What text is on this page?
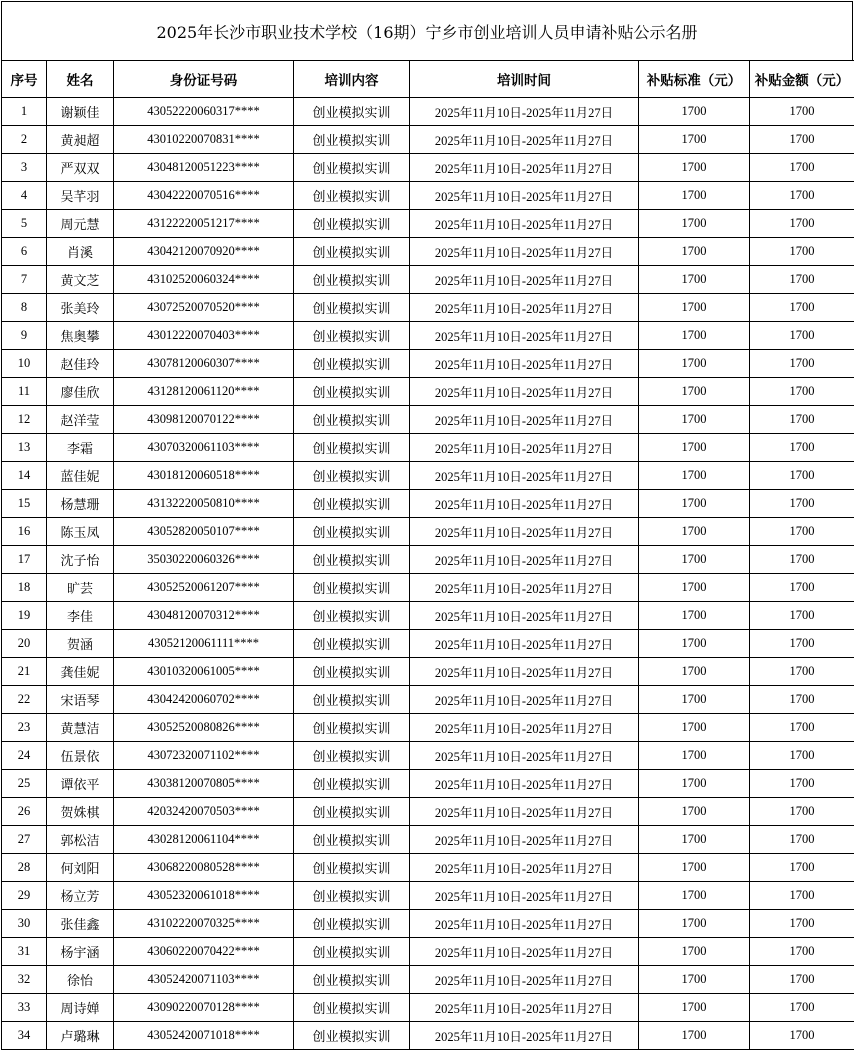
2025年长沙市职业技术学校（16期）宁乡市创业培训人员申请补贴公示名册
序号	姓名	身份证号码	培训内容	培训时间	补贴标准（元）	补贴金额（元）
1	谢颖佳	43052220060317****	创业模拟实训	2025年11月10日-2025年11月27日	1700	1700
2	黄昶超	43010220070831****	创业模拟实训	2025年11月10日-2025年11月27日	1700	1700
3	严双双	43048120051223****	创业模拟实训	2025年11月10日-2025年11月27日	1700	1700
4	吴芊羽	43042220070516****	创业模拟实训	2025年11月10日-2025年11月27日	1700	1700
5	周元慧	43122220051217****	创业模拟实训	2025年11月10日-2025年11月27日	1700	1700
6	肖溪	43042120070920****	创业模拟实训	2025年11月10日-2025年11月27日	1700	1700
7	黄文芝	43102520060324****	创业模拟实训	2025年11月10日-2025年11月27日	1700	1700
8	张美玲	43072520070520****	创业模拟实训	2025年11月10日-2025年11月27日	1700	1700
9	焦奥攀	43012220070403****	创业模拟实训	2025年11月10日-2025年11月27日	1700	1700
10	赵佳玲	43078120060307****	创业模拟实训	2025年11月10日-2025年11月27日	1700	1700
11	廖佳欣	43128120061120****	创业模拟实训	2025年11月10日-2025年11月27日	1700	1700
12	赵洋莹	43098120070122****	创业模拟实训	2025年11月10日-2025年11月27日	1700	1700
13	李霜	43070320061103****	创业模拟实训	2025年11月10日-2025年11月27日	1700	1700
14	蓝佳妮	43018120060518****	创业模拟实训	2025年11月10日-2025年11月27日	1700	1700
15	杨慧珊	43132220050810****	创业模拟实训	2025年11月10日-2025年11月27日	1700	1700
16	陈玉凤	43052820050107****	创业模拟实训	2025年11月10日-2025年11月27日	1700	1700
17	沈子怡	35030220060326****	创业模拟实训	2025年11月10日-2025年11月27日	1700	1700
18	旷芸	43052520061207****	创业模拟实训	2025年11月10日-2025年11月27日	1700	1700
19	李佳	43048120070312****	创业模拟实训	2025年11月10日-2025年11月27日	1700	1700
20	贺涵	43052120061111****	创业模拟实训	2025年11月10日-2025年11月27日	1700	1700
21	龚佳妮	43010320061005****	创业模拟实训	2025年11月10日-2025年11月27日	1700	1700
22	宋语琴	43042420060702****	创业模拟实训	2025年11月10日-2025年11月27日	1700	1700
23	黄慧洁	43052520080826****	创业模拟实训	2025年11月10日-2025年11月27日	1700	1700
24	伍景依	43072320071102****	创业模拟实训	2025年11月10日-2025年11月27日	1700	1700
25	谭依平	43038120070805****	创业模拟实训	2025年11月10日-2025年11月27日	1700	1700
26	贺姝棋	42032420070503****	创业模拟实训	2025年11月10日-2025年11月27日	1700	1700
27	郭松洁	43028120061104****	创业模拟实训	2025年11月10日-2025年11月27日	1700	1700
28	何刘阳	43068220080528****	创业模拟实训	2025年11月10日-2025年11月27日	1700	1700
29	杨立芳	43052320061018****	创业模拟实训	2025年11月10日-2025年11月27日	1700	1700
30	张佳鑫	43102220070325****	创业模拟实训	2025年11月10日-2025年11月27日	1700	1700
31	杨宇涵	43060220070422****	创业模拟实训	2025年11月10日-2025年11月27日	1700	1700
32	徐怡	43052420071103****	创业模拟实训	2025年11月10日-2025年11月27日	1700	1700
33	周诗婵	43090220070128****	创业模拟实训	2025年11月10日-2025年11月27日	1700	1700
34	卢璐琳	43052420071018****	创业模拟实训	2025年11月10日-2025年11月27日	1700	1700
